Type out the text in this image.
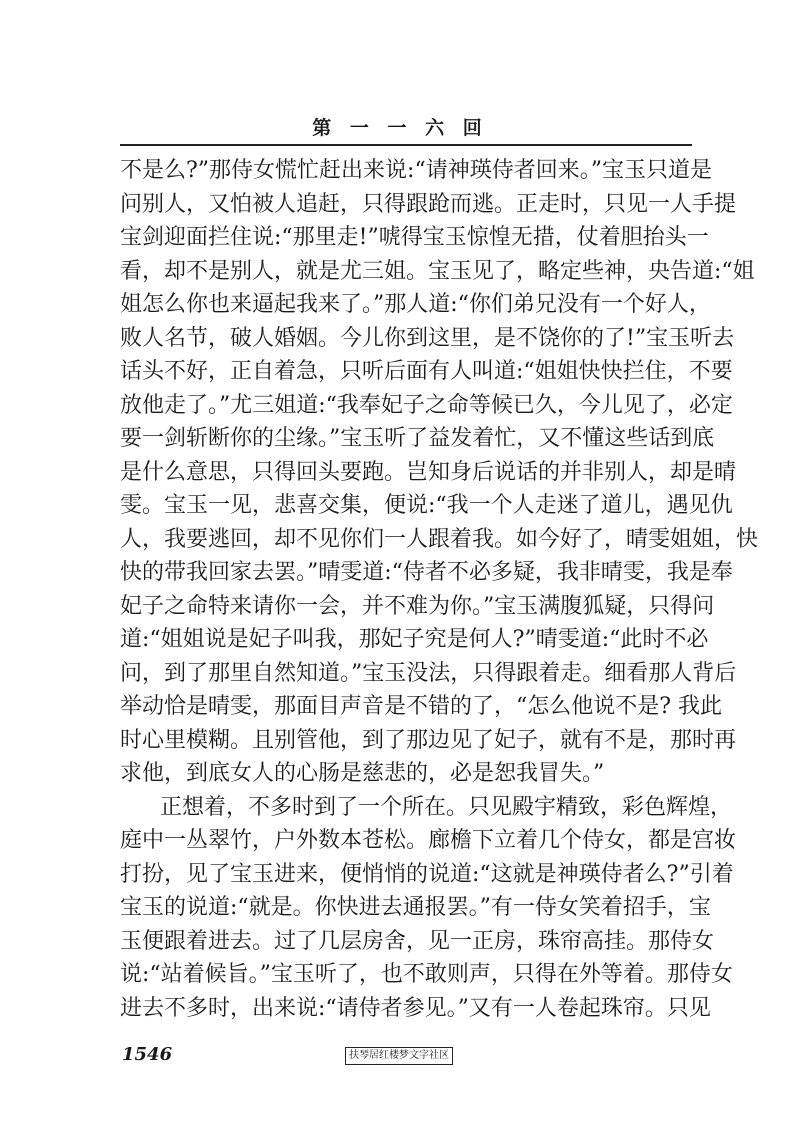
第 一 一 六 回
不是么?”那侍女慌忙赶出来说:“请神瑛侍者回来。”宝玉只道是
问别人，又怕被人追赶，只得跟跄而逃。正走时，只见一人手提
宝剑迎面拦住说:“那里走!”唬得宝玉惊惶无措，仗着胆抬头一
看，却不是别人，就是尤三姐。宝玉见了，略定些神，央告道:“姐
姐怎么你也来逼起我来了。”那人道:“你们弟兄没有一个好人，
败人名节，破人婚姻。今儿你到这里，是不饶你的了!”宝玉听去
话头不好，正自着急，只听后面有人叫道:“姐姐快快拦住，不要
放他走了。”尤三姐道:“我奉妃子之命等候已久，今儿见了，必定
要一剑斩断你的尘缘。”宝玉听了益发着忙，又不懂这些话到底
是什么意思，只得回头要跑。岂知身后说话的并非别人，却是晴
雯。宝玉一见，悲喜交集，便说:“我一个人走迷了道儿，遇见仇
人，我要逃回，却不见你们一人跟着我。如今好了，晴雯姐姐，快
快的带我回家去罢。”晴雯道:“侍者不必多疑，我非晴雯，我是奉
妃子之命特来请你一会，并不难为你。”宝玉满腹狐疑，只得问
道:“姐姐说是妃子叫我，那妃子究是何人?”晴雯道:“此时不必
问，到了那里自然知道。”宝玉没法，只得跟着走。细看那人背后
举动恰是晴雯，那面目声音是不错的了，“怎么他说不是? 我此
时心里模糊。且别管他，到了那边见了妃子，就有不是，那时再
求他，到底女人的心肠是慈悲的，必是恕我冒失。”
正想着，不多时到了一个所在。只见殿宇精致，彩色辉煌，
庭中一丛翠竹，户外数本苍松。廊檐下立着几个侍女，都是宫妆
打扮，见了宝玉进来，便悄悄的说道:“这就是神瑛侍者么?”引着
宝玉的说道:“就是。你快进去通报罢。”有一侍女笑着招手，宝
玉便跟着进去。过了几层房舍，见一正房，珠帘高挂。那侍女
说:“站着候旨。”宝玉听了，也不敢则声，只得在外等着。那侍女
进去不多时，出来说:“请侍者参见。”又有一人卷起珠帘。只见
1546	扶琴居红楼梦文字社区
